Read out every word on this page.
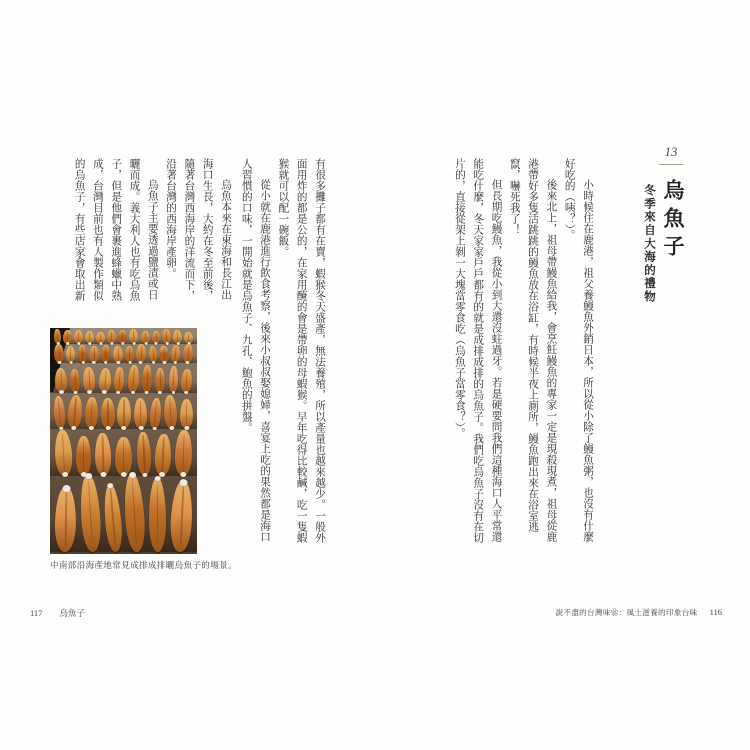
13
烏魚子
冬季來自大海的禮物

小時候住在鹿港，祖父養鰻魚外銷日本，所以從小除了鰻魚粥，也沒有什麼好吃的（咦？）。

後來北上，祖母帶鰻魚給我，會烹飪鰻魚的專家一定是現殺現煮，祖母從鹿港帶好多隻活跳跳的鰻魚放在浴缸，有時候半夜上廁所，鰻魚跑出來在浴室逃竄，嚇死我了！

但長期吃鰻魚，我從小到大還沒蛀過牙。若是硬要問我們這種海口人平常還能吃什麼，冬天家家戶戶都有的就是成排成排的烏魚子。我們吃烏魚子沒有在切片的，直接從架上剝一大塊當零食吃（烏魚子當零食？）。

說不盡的台灣味❀：風土滋養的印象台味 116

有很多攤子都有在賣，蝦猴冬天盛產，無法養殖，所以產量也越來越少。一般外面用炸的都是公的，在家用醃的會是帶卵的母蝦猴。早年吃得比較鹹，吃一隻蝦猴就可以配一碗飯。

從小就在鹿港進行飲食考察，後來小叔叔娶媳婦，喜宴上吃的果然都是海口人習慣的口味，一開始就是烏魚子、九孔、鮑魚的拼盤。

烏魚本來在東海和長江出海口生長，大約在冬至前後，隨著台灣西海岸的洋流而下，沿著台灣的西海岸產卵。

烏魚子主要透過鹽漬或日曬而成。義大利人也有吃烏魚子，但是他們會裹進蜂蠟中熟成，台灣目前也有人製作類似的烏魚子，有些店家會取出新

中南部沿海產地常見成排成排曬烏魚子的場景。
117 烏魚子
